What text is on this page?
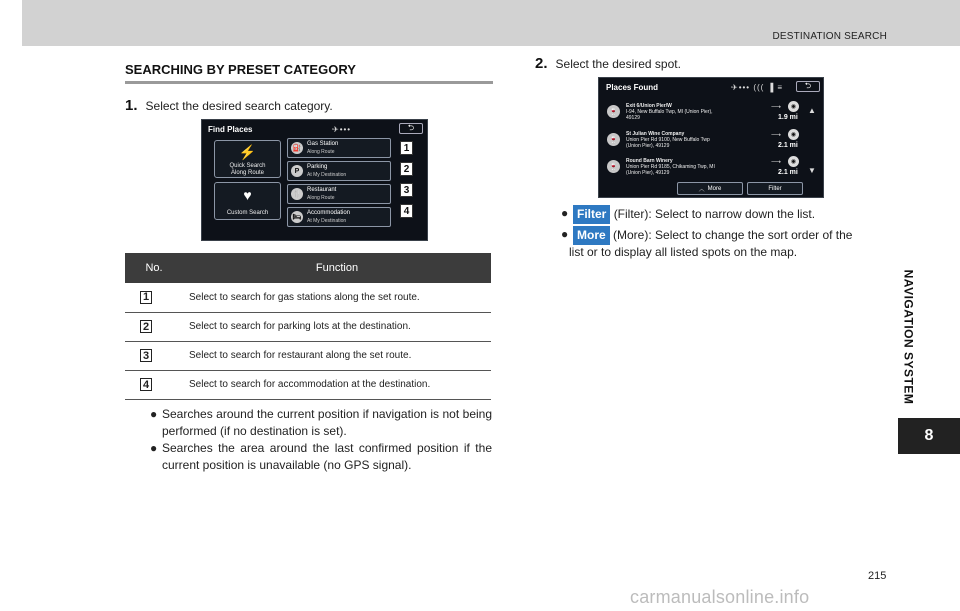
DESTINATION SEARCH
NAVIGATION SYSTEM
8
215
carmanualsonline.info
SEARCHING BY PRESET CATEGORY
1. Select the desired search category.
Find Places	✈•••	⮌
⚡
Quick Search
Along Route
♥
Custom Search
⛽
Gas Station
Along Route
P
Parking
At My Destination
🍴
Restaurant
Along Route
🛏
Accommodation
At My Destination
1
2
3
4
No.	Function
1	Select to search for gas stations along the set route.
2	Select to search for parking lots at the destination.
3	Select to search for restaurant along the set route.
4	Select to search for accommodation at the destination.
● Searches around the current position if navigation is not being performed (if no destination is set).
● Searches the area around the last confirmed position if the current position is unavailable (no GPS signal).
2. Select the desired spot.
Places Found	✈••• ((( ▐ ≡	⮌
🍷
Exit 6/Union Pier/W
I-94, New Buffalo Twp, MI (Union Pier),
49129
⟶	◉
1.9 mi
🍷
St Julian Wine Company
Union Pier Rd 9100, New Buffalo Twp
(Union Pier), 49129
⟶	◉
2.1 mi
🍷
Round Barn Winery
Union Pier Rd 9185, Chikaming Twp, MI
(Union Pier), 49129
⟶	◉
2.1 mi
▲
▼
︿ More	Filter
● Filter (Filter): Select to narrow down the list.
● More (More): Select to change the sort order of the
list or to display all listed spots on the map.
